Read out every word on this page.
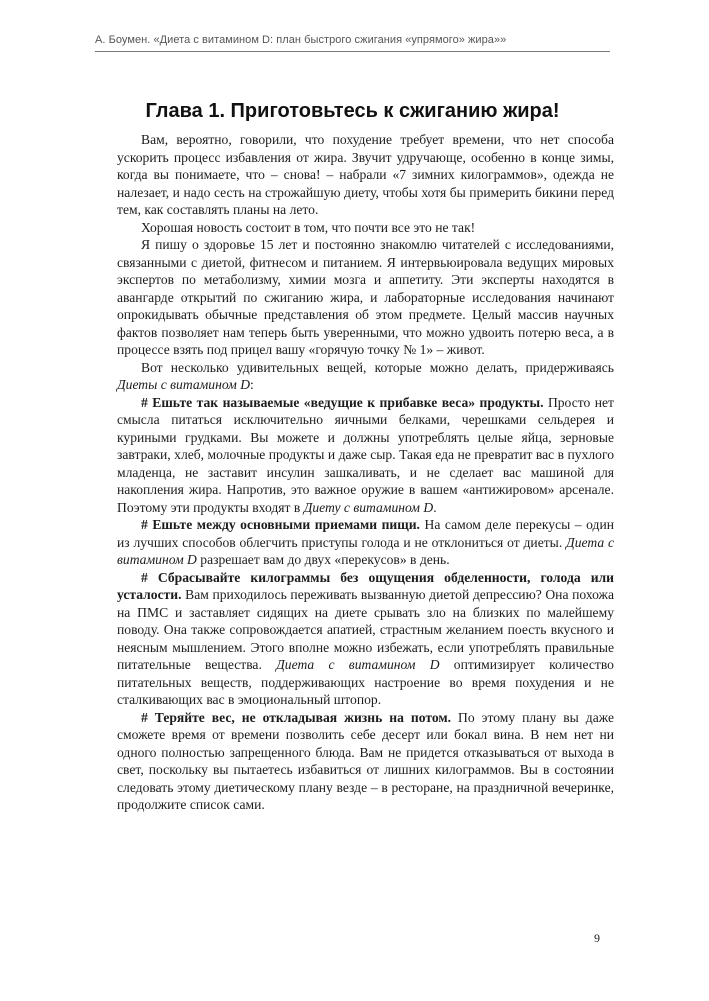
А. Боумен. «Диета с витамином D: план быстрого сжигания «упрямого» жира»»
Глава 1. Приготовьтесь к сжиганию жира!

Вам, вероятно, говорили, что похудение требует времени, что нет способа ускорить процесс избавления от жира. Звучит удручающе, особенно в конце зимы, когда вы понимаете, что – снова! – набрали «7 зимних килограммов», одежда не налезает, и надо сесть на строжайшую диету, чтобы хотя бы примерить бикини перед тем, как составлять планы на лето.

Хорошая новость состоит в том, что почти все это не так!

Я пишу о здоровье 15 лет и постоянно знакомлю читателей с исследованиями, связанными с диетой, фитнесом и питанием. Я интервьюировала ведущих мировых экспертов по метаболизму, химии мозга и аппетиту. Эти эксперты находятся в авангарде открытий по сжиганию жира, и лабораторные исследования начинают опрокидывать обычные представления об этом предмете. Целый массив научных фактов позволяет нам теперь быть уверенными, что можно удвоить потерю веса, а в процессе взять под прицел вашу «горячую точку № 1» – живот.

Вот несколько удивительных вещей, которые можно делать, придерживаясь Диеты с витамином D:

# Ешьте так называемые «ведущие к прибавке веса» продукты. Просто нет смысла питаться исключительно яичными белками, черешками сельдерея и куриными грудками. Вы можете и должны употреблять целые яйца, зерновые завтраки, хлеб, молочные продукты и даже сыр. Такая еда не превратит вас в пухлого младенца, не заставит инсулин зашкаливать, и не сделает вас машиной для накопления жира. Напротив, это важное оружие в вашем «антижировом» арсенале. Поэтому эти продукты входят в Диету с витамином D.

# Ешьте между основными приемами пищи. На самом деле перекусы – один из лучших способов облегчить приступы голода и не отклониться от диеты. Диета с витамином D разрешает вам до двух «перекусов» в день.

# Сбрасывайте килограммы без ощущения обделенности, голода или усталости. Вам приходилось переживать вызванную диетой депрессию? Она похожа на ПМС и заставляет сидящих на диете срывать зло на близких по малейшему поводу. Она также сопровождается апатией, страстным желанием поесть вкусного и неясным мышлением. Этого вполне можно избежать, если употреблять правильные питательные вещества. Диета с витамином D оптимизирует количество питательных веществ, поддерживающих настроение во время похудения и не сталкивающих вас в эмоциональный штопор.

# Теряйте вес, не откладывая жизнь на потом. По этому плану вы даже сможете время от времени позволить себе десерт или бокал вина. В нем нет ни одного полностью запрещенного блюда. Вам не придется отказываться от выхода в свет, поскольку вы пытаетесь избавиться от лишних килограммов. Вы в состоянии следовать этому диетическому плану везде – в ресторане, на праздничной вечеринке, продолжите список сами.

9
